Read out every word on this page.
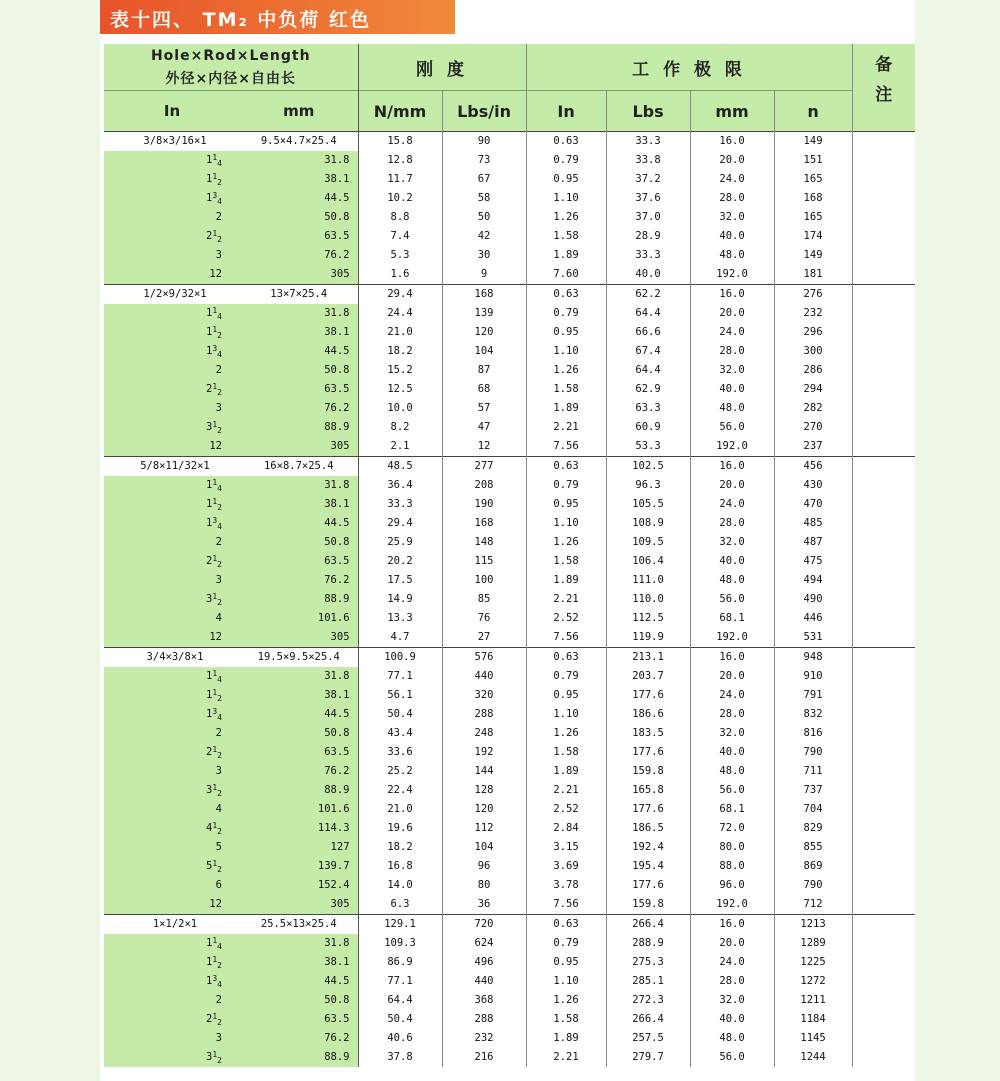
表十四、 TM₂ 中负荷 红色
Hole×Rod×Length
外径×内径×自由长		刚 度		工 作 极 限				备注

In	mm	N/mm	Lbs/in	In	Lbs	mm	n	
3/8×3/16×1	9.5×4.7×25.4	15.8	90	0.63	33.3	16.0	149	
114	31.8	12.8	73	0.79	33.8	20.0	151	
112	38.1	11.7	67	0.95	37.2	24.0	165	
134	44.5	10.2	58	1.10	37.6	28.0	168	
2	50.8	8.8	50	1.26	37.0	32.0	165	
212	63.5	7.4	42	1.58	28.9	40.0	174	
3	76.2	5.3	30	1.89	33.3	48.0	149	
12	305	1.6	9	7.60	40.0	192.0	181	
1/2×9/32×1	13×7×25.4	29.4	168	0.63	62.2	16.0	276	
114	31.8	24.4	139	0.79	64.4	20.0	232	
112	38.1	21.0	120	0.95	66.6	24.0	296	
134	44.5	18.2	104	1.10	67.4	28.0	300	
2	50.8	15.2	87	1.26	64.4	32.0	286	
212	63.5	12.5	68	1.58	62.9	40.0	294	
3	76.2	10.0	57	1.89	63.3	48.0	282	
312	88.9	8.2	47	2.21	60.9	56.0	270	
12	305	2.1	12	7.56	53.3	192.0	237	
5/8×11/32×1	16×8.7×25.4	48.5	277	0.63	102.5	16.0	456	
114	31.8	36.4	208	0.79	96.3	20.0	430	
112	38.1	33.3	190	0.95	105.5	24.0	470	
134	44.5	29.4	168	1.10	108.9	28.0	485	
2	50.8	25.9	148	1.26	109.5	32.0	487	
212	63.5	20.2	115	1.58	106.4	40.0	475	
3	76.2	17.5	100	1.89	111.0	48.0	494	
312	88.9	14.9	85	2.21	110.0	56.0	490	
4	101.6	13.3	76	2.52	112.5	68.1	446	
12	305	4.7	27	7.56	119.9	192.0	531	
3/4×3/8×1	19.5×9.5×25.4	100.9	576	0.63	213.1	16.0	948	
114	31.8	77.1	440	0.79	203.7	20.0	910	
112	38.1	56.1	320	0.95	177.6	24.0	791	
134	44.5	50.4	288	1.10	186.6	28.0	832	
2	50.8	43.4	248	1.26	183.5	32.0	816	
212	63.5	33.6	192	1.58	177.6	40.0	790	
3	76.2	25.2	144	1.89	159.8	48.0	711	
312	88.9	22.4	128	2.21	165.8	56.0	737	
4	101.6	21.0	120	2.52	177.6	68.1	704	
412	114.3	19.6	112	2.84	186.5	72.0	829	
5	127	18.2	104	3.15	192.4	80.0	855	
512	139.7	16.8	96	3.69	195.4	88.0	869	
6	152.4	14.0	80	3.78	177.6	96.0	790	
12	305	6.3	36	7.56	159.8	192.0	712	
1×1/2×1	25.5×13×25.4	129.1	720	0.63	266.4	16.0	1213	
114	31.8	109.3	624	0.79	288.9	20.0	1289	
112	38.1	86.9	496	0.95	275.3	24.0	1225	
134	44.5	77.1	440	1.10	285.1	28.0	1272	
2	50.8	64.4	368	1.26	272.3	32.0	1211	
212	63.5	50.4	288	1.58	266.4	40.0	1184	
3	76.2	40.6	232	1.89	257.5	48.0	1145	
312	88.9	37.8	216	2.21	279.7	56.0	1244	
